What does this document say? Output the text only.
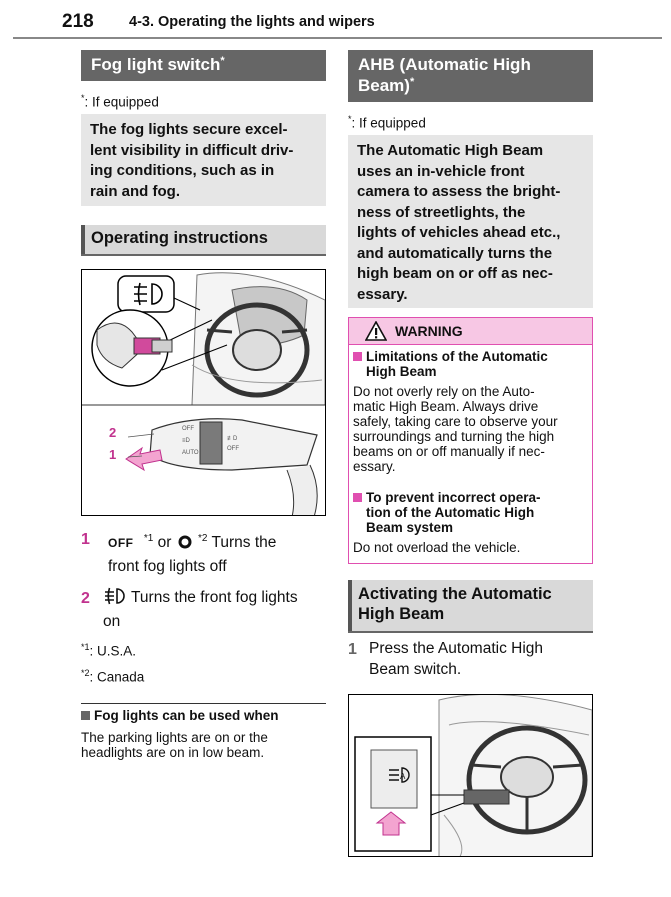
218 4-3. Operating the lights and wipers
Fog light switch*
*: If equipped
The fog lights secure excel-
lent visibility in difficult driv-
ing conditions, such as in
rain and fog.
Operating instructions
OFF
≡D
AUTO
≢D
OFF
2
1
1 OFF $^{*1}$ or	$^{*2}$ Turns the
front fog lights off
2	Turns the front fog lights
on
$^{*1}$: U.S.A.
$^{*2}$: Canada
Fog lights can be used when
The parking lights are on or the
headlights are on in low beam.
AHB (Automatic High
Beam)*
*: If equipped
The Automatic High Beam
uses an in-vehicle front
camera to assess the bright-
ness of streetlights, the
lights of vehicles ahead etc.,
and automatically turns the
high beam on or off as nec-
essary.
WARNING
Limitations of the Automatic
High Beam
Do not overly rely on the Auto-
matic High Beam. Always drive
safely, taking care to observe your
surroundings and turning the high
beams on or off manually if nec-
essary.
To prevent incorrect opera-
tion of the Automatic High
Beam system
Do not overload the vehicle.
Activating the Automatic
High Beam
1 Press the Automatic High
Beam switch.
A
